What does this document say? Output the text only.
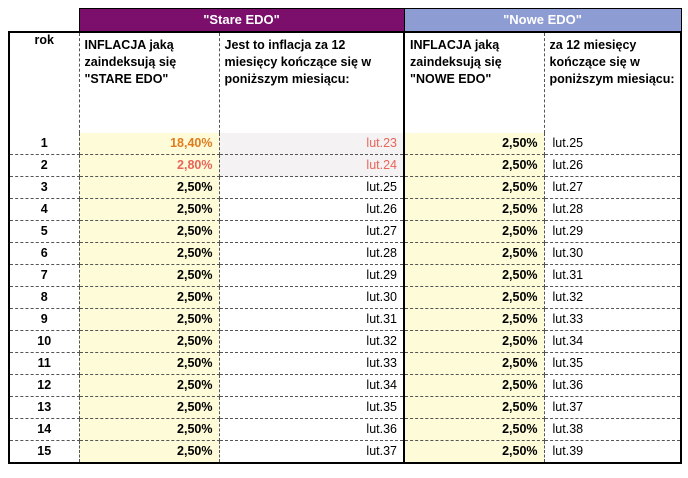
	"Stare EDO"		"Nowe EDO"	
rok	INFLACJA jaką zaindeksują się "STARE EDO"	Jest to inflacja za 12 miesięcy kończące się w poniższym miesiącu:	INFLACJA jaką zaindeksują się "NOWE EDO"	za 12 miesięcy kończące się w poniższym miesiącu:
1	18,40%	lut.23	2,50%	lut.25
2	2,80%	lut.24	2,50%	lut.26
3	2,50%	lut.25	2,50%	lut.27
4	2,50%	lut.26	2,50%	lut.28
5	2,50%	lut.27	2,50%	lut.29
6	2,50%	lut.28	2,50%	lut.30
7	2,50%	lut.29	2,50%	lut.31
8	2,50%	lut.30	2,50%	lut.32
9	2,50%	lut.31	2,50%	lut.33
10	2,50%	lut.32	2,50%	lut.34
11	2,50%	lut.33	2,50%	lut.35
12	2,50%	lut.34	2,50%	lut.36
13	2,50%	lut.35	2,50%	lut.37
14	2,50%	lut.36	2,50%	lut.38
15	2,50%	lut.37	2,50%	lut.39
